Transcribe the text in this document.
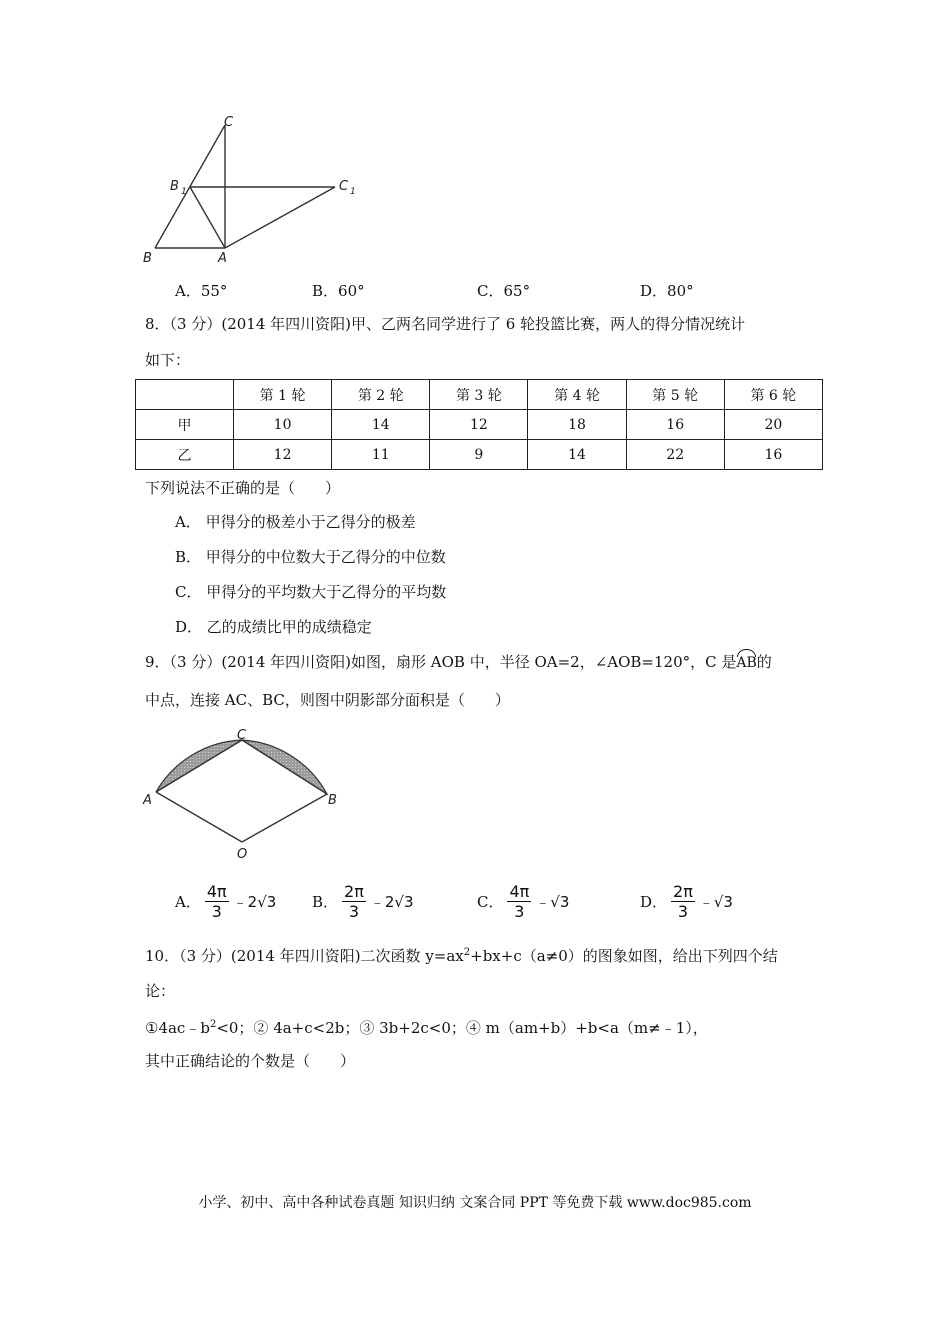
C
B 1	C 1
B	A
A．55°	B．60°	C．65°	D．80°
8．（3 分）(2014 年四川资阳)甲、乙两名同学进行了 6 轮投篮比赛，两人的得分情况统计
如下：
	第 1 轮	第 2 轮	第 3 轮	第 4 轮	第 5 轮	第 6 轮
甲	10	14	12	18	16	20
乙	12	11	9	14	22	16
下列说法不正确的是（　　）
A． 甲得分的极差小于乙得分的极差
B． 甲得分的中位数大于乙得分的中位数
C． 甲得分的平均数大于乙得分的平均数
D． 乙的成绩比甲的成绩稳定
9．（3 分）(2014 年四川资阳)如图，扇形 AOB 中，半径 OA=2，∠AOB=120°，C 是AB的
中点，连接 AC、BC，则图中阴影部分面积是（　　）
C
A	B
O
A． $\frac{4\pi}{3}$ ﹣2√3 B． $\frac{2\pi}{3}$ ﹣2√3	C． $\frac{4\pi}{3}$ ﹣√3	D． $\frac{2\pi}{3}$ ﹣√3
10．（3 分）(2014 年四川资阳)二次函数 $y=ax^2+bx+c(a\ne 0)$的图象如图，给出下列四个结
论：
$①4ac﹣b^2<0$；② 4a+c<2b；③ 3b+2c<0；④ m（am+b）+b<a（m≠﹣1），
其中正确结论的个数是（　　）
小学、初中、高中各种试卷真题 知识归纳 文案合同 PPT 等免费下载 www.doc985.com
